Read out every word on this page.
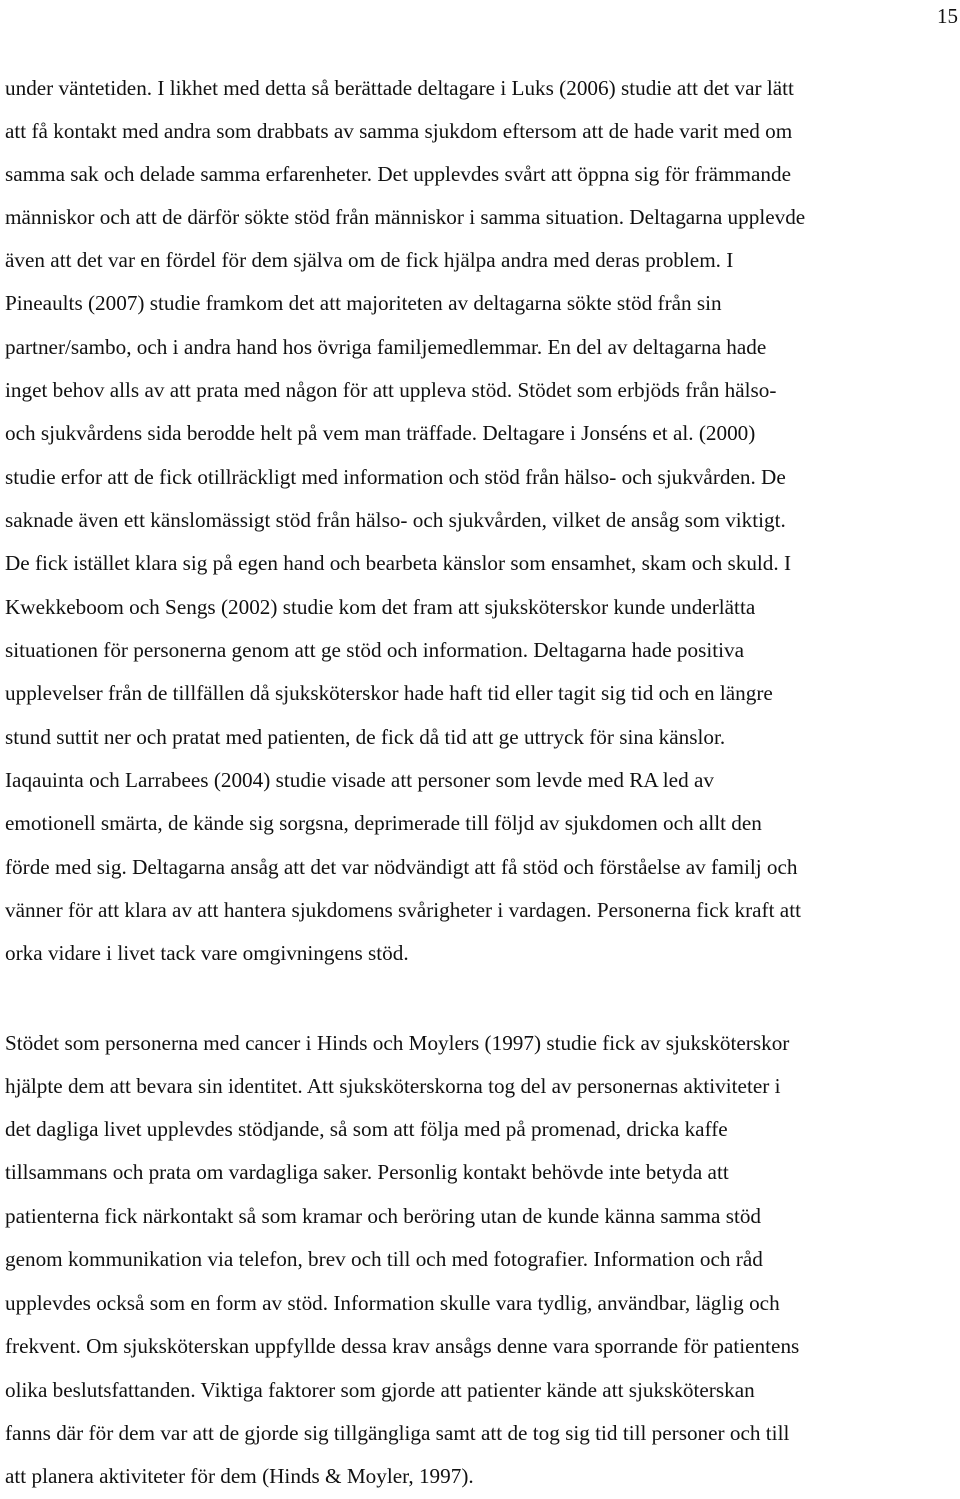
15
under väntetiden. I likhet med detta så berättade deltagare i Luks (2006) studie att det var lätt
att få kontakt med andra som drabbats av samma sjukdom eftersom att de hade varit med om
samma sak och delade samma erfarenheter. Det upplevdes svårt att öppna sig för främmande
människor och att de därför sökte stöd från människor i samma situation. Deltagarna upplevde
även att det var en fördel för dem själva om de fick hjälpa andra med deras problem. I
Pineaults (2007) studie framkom det att majoriteten av deltagarna sökte stöd från sin
partner/sambo, och i andra hand hos övriga familjemedlemmar. En del av deltagarna hade
inget behov alls av att prata med någon för att uppleva stöd. Stödet som erbjöds från hälso-
och sjukvårdens sida berodde helt på vem man träffade. Deltagare i Jonséns et al. (2000)
studie erfor att de fick otillräckligt med information och stöd från hälso- och sjukvården. De
saknade även ett känslomässigt stöd från hälso- och sjukvården, vilket de ansåg som viktigt.
De fick istället klara sig på egen hand och bearbeta känslor som ensamhet, skam och skuld. I
Kwekkeboom och Sengs (2002) studie kom det fram att sjuksköterskor kunde underlätta
situationen för personerna genom att ge stöd och information. Deltagarna hade positiva
upplevelser från de tillfällen då sjuksköterskor hade haft tid eller tagit sig tid och en längre
stund suttit ner och pratat med patienten, de fick då tid att ge uttryck för sina känslor.
Iaqauinta och Larrabees (2004) studie visade att personer som levde med RA led av
emotionell smärta, de kände sig sorgsna, deprimerade till följd av sjukdomen och allt den
förde med sig. Deltagarna ansåg att det var nödvändigt att få stöd och förståelse av familj och
vänner för att klara av att hantera sjukdomens svårigheter i vardagen. Personerna fick kraft att
orka vidare i livet tack vare omgivningens stöd.
Stödet som personerna med cancer i Hinds och Moylers (1997) studie fick av sjuksköterskor
hjälpte dem att bevara sin identitet. Att sjuksköterskorna tog del av personernas aktiviteter i
det dagliga livet upplevdes stödjande, så som att följa med på promenad, dricka kaffe
tillsammans och prata om vardagliga saker. Personlig kontakt behövde inte betyda att
patienterna fick närkontakt så som kramar och beröring utan de kunde känna samma stöd
genom kommunikation via telefon, brev och till och med fotografier. Information och råd
upplevdes också som en form av stöd. Information skulle vara tydlig, användbar, läglig och
frekvent. Om sjuksköterskan uppfyllde dessa krav ansågs denne vara sporrande för patientens
olika beslutsfattanden. Viktiga faktorer som gjorde att patienter kände att sjuksköterskan
fanns där för dem var att de gjorde sig tillgängliga samt att de tog sig tid till personer och till
att planera aktiviteter för dem (Hinds & Moyler, 1997).
